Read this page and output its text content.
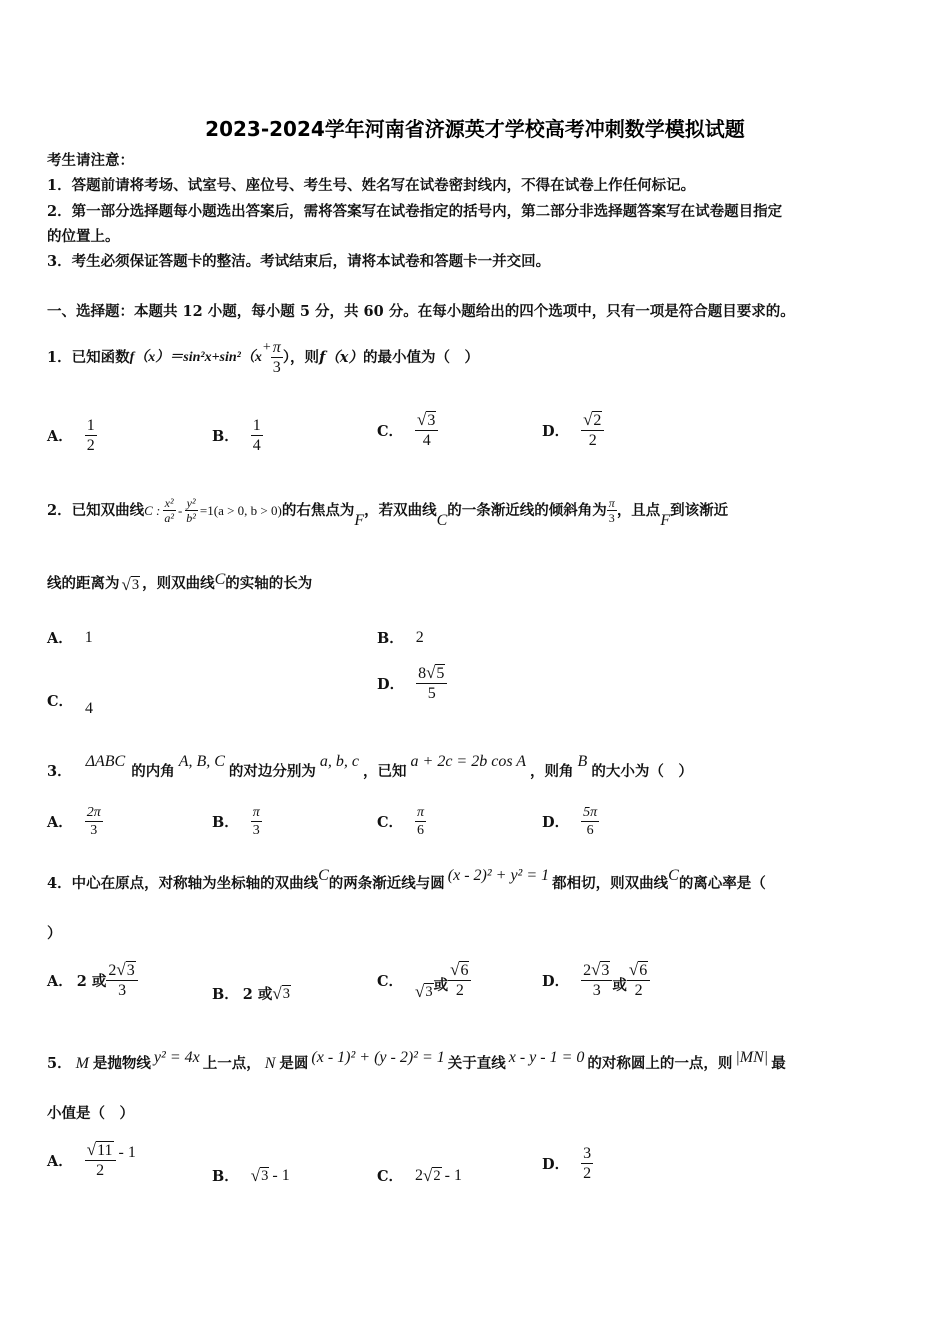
2023-2024学年河南省济源英才学校高考冲刺数学模拟试题
考生请注意：
1．答题前请将考场、试室号、座位号、考生号、姓名写在试卷密封线内，不得在试卷上作任何标记。
2．第一部分选择题每小题选出答案后，需将答案写在试卷指定的括号内，第二部分非选择题答案写在试卷题目指定
的位置上。
3．考生必须保证答题卡的整洁。考试结束后，请将本试卷和答题卡一并交回。
一、选择题：本题共 12 小题，每小题 5 分，共 60 分。在每小题给出的四个选项中，只有一项是符合题目要求的。
1．已知函数 f（x）＝sin²x+sin²（x
+ $\frac{\pi}{3}$ ），则 f（x） 的最小值为（　）
A． $\frac{1}{2}$	B． $\frac{1}{4}$	C． $\frac{√ 3}{4}$	D． $\frac{√ 2}{2}$
2．已知双曲线 C : $\frac{\text{x²}}{\text{a²}} - \frac{\text{y²}}{\text{b²}} =1(a > 0$, b > 0) 的右焦点为
F
，若双曲线
C
的一条渐近线的倾斜角为 $\frac{\pi}{3}$ ，且点
F
到该渐近
线的距离为 √ 3 ，则双曲线 C 的实轴的长为
A． 1	B． 2
C． 4
D． $\frac{8 √ 5}{5}$
3．
ΔABC
的内角
A, B, C
的对边分别为
a, b, c
，已知
a + 2c = 2b cos A
，则角
B
的大小为（　）
A． $\frac{2\pi}{3}$	B． $\frac{\pi}{3}$	C． $\frac{\pi}{6}$	D． $\frac{5\pi}{6}$
4．中心在原点，对称轴为坐标轴的双曲线 C 的两条渐近线与圆 (x - 2)² + y² = 1 都相切，则双曲线 C 的离心率是（
）
A． 2 或 $\frac{2 √ 3}{3}$	B． 2 或 √ 3
C． √ 3 或 $\frac{√ 6}{2}$	D． $\frac{2 √ 3}{3}$ 或 $\frac{√ 6}{2}$
5． M 是抛物线 y² = 4x 上一点， N 是圆 (x - 1)² + (y - 2)² = 1 关于直线 x - y - 1 = 0 的对称圆上的一点，则 |MN| 最
小值是（　）
A． $\frac{√ 11}{2} - 1$
B． √ 3 - 1	C． 2 √ 2 - 1
D． $\frac{3}{2}$
